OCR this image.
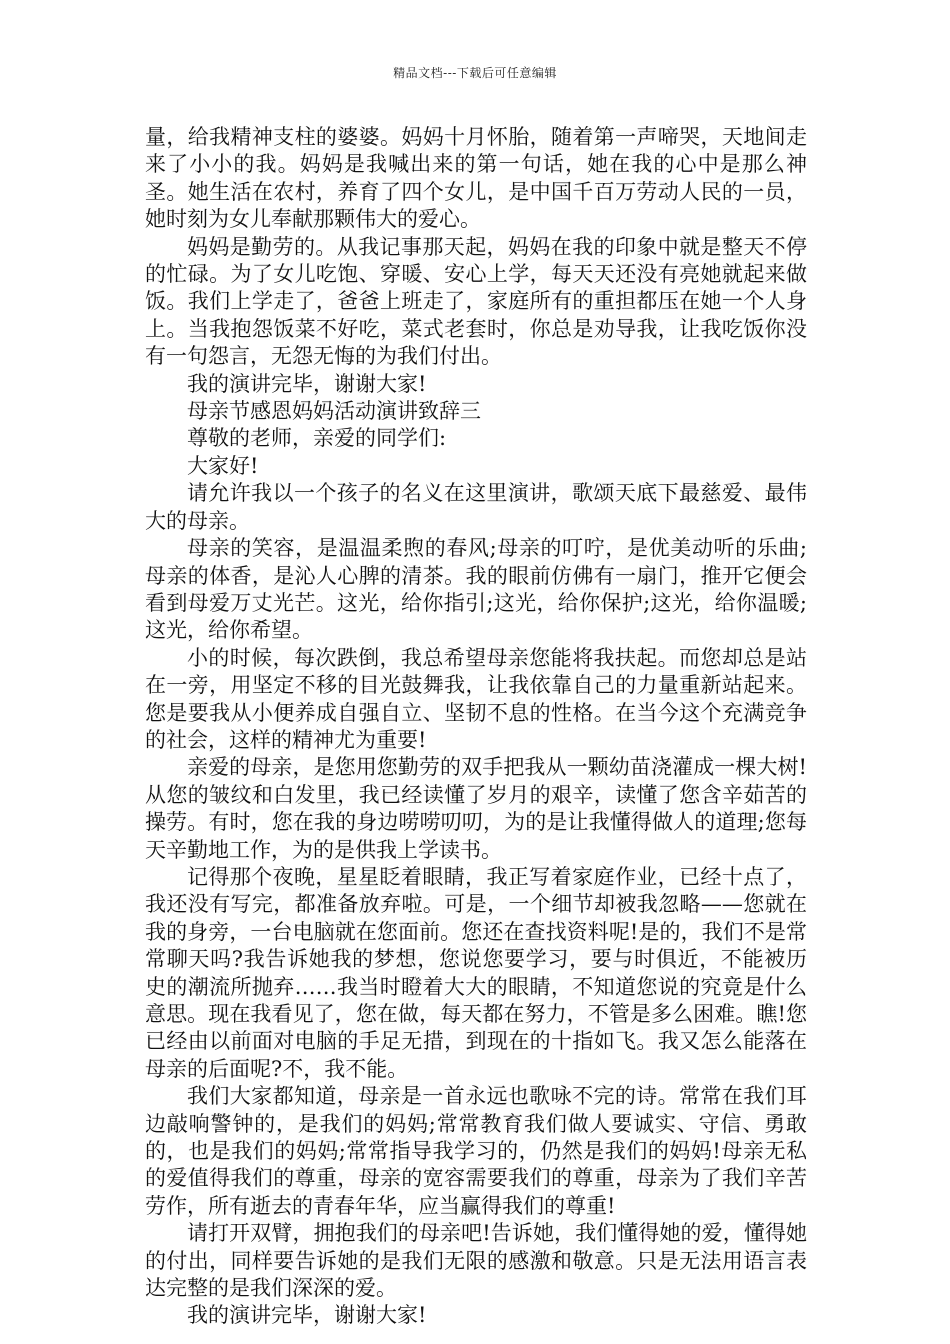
精品文档---下载后可任意编辑

量，给我精神支柱的婆婆。妈妈十月怀胎，随着第一声啼哭，天地间走来了小小的我。妈妈是我喊出来的第一句话，她在我的心中是那么神圣。她生活在农村，养育了四个女儿，是中国千百万劳动人民的一员，她时刻为女儿奉献那颗伟大的爱心。

妈妈是勤劳的。从我记事那天起，妈妈在我的印象中就是整天不停的忙碌。为了女儿吃饱、穿暖、安心上学，每天天还没有亮她就起来做饭。我们上学走了，爸爸上班走了，家庭所有的重担都压在她一个人身上。当我抱怨饭菜不好吃，菜式老套时，你总是劝导我，让我吃饭你没有一句怨言，无怨无悔的为我们付出。

我的演讲完毕，谢谢大家!

母亲节感恩妈妈活动演讲致辞三

尊敬的老师，亲爱的同学们:

大家好!

请允许我以一个孩子的名义在这里演讲，歌颂天底下最慈爱、最伟大的母亲。

母亲的笑容，是温温柔煦的春风;母亲的叮咛，是优美动听的乐曲;母亲的体香，是沁人心脾的清茶。我的眼前仿佛有一扇门，推开它便会看到母爱万丈光芒。这光，给你指引;这光，给你保护;这光，给你温暖;这光，给你希望。

小的时候，每次跌倒，我总希望母亲您能将我扶起。而您却总是站在一旁，用坚定不移的目光鼓舞我，让我依靠自己的力量重新站起来。您是要我从小便养成自强自立、坚韧不息的性格。在当今这个充满竞争的社会，这样的精神尤为重要!

亲爱的母亲，是您用您勤劳的双手把我从一颗幼苗浇灌成一棵大树!从您的皱纹和白发里，我已经读懂了岁月的艰辛，读懂了您含辛茹苦的操劳。有时，您在我的身边唠唠叨叨，为的是让我懂得做人的道理;您每天辛勤地工作，为的是供我上学读书。

记得那个夜晚，星星眨着眼睛，我正写着家庭作业，已经十点了，我还没有写完，都准备放弃啦。可是，一个细节却被我忽略——您就在我的身旁，一台电脑就在您面前。您还在查找资料呢!是的，我们不是常常聊天吗?我告诉她我的梦想，您说您要学习，要与时俱近，不能被历史的潮流所抛弃……我当时瞪着大大的眼睛，不知道您说的究竟是什么意思。现在我看见了，您在做，每天都在努力，不管是多么困难。瞧!您已经由以前面对电脑的手足无措，到现在的十指如飞。我又怎么能落在母亲的后面呢?不，我不能。

我们大家都知道，母亲是一首永远也歌咏不完的诗。常常在我们耳边敲响警钟的，是我们的妈妈;常常教育我们做人要诚实、守信、勇敢的，也是我们的妈妈;常常指导我学习的，仍然是我们的妈妈!母亲无私的爱值得我们的尊重，母亲的宽容需要我们的尊重，母亲为了我们辛苦劳作，所有逝去的青春年华，应当赢得我们的尊重!

请打开双臂，拥抱我们的母亲吧!告诉她，我们懂得她的爱，懂得她的付出，同样要告诉她的是我们无限的感激和敬意。只是无法用语言表达完整的是我们深深的爱。

我的演讲完毕，谢谢大家!
